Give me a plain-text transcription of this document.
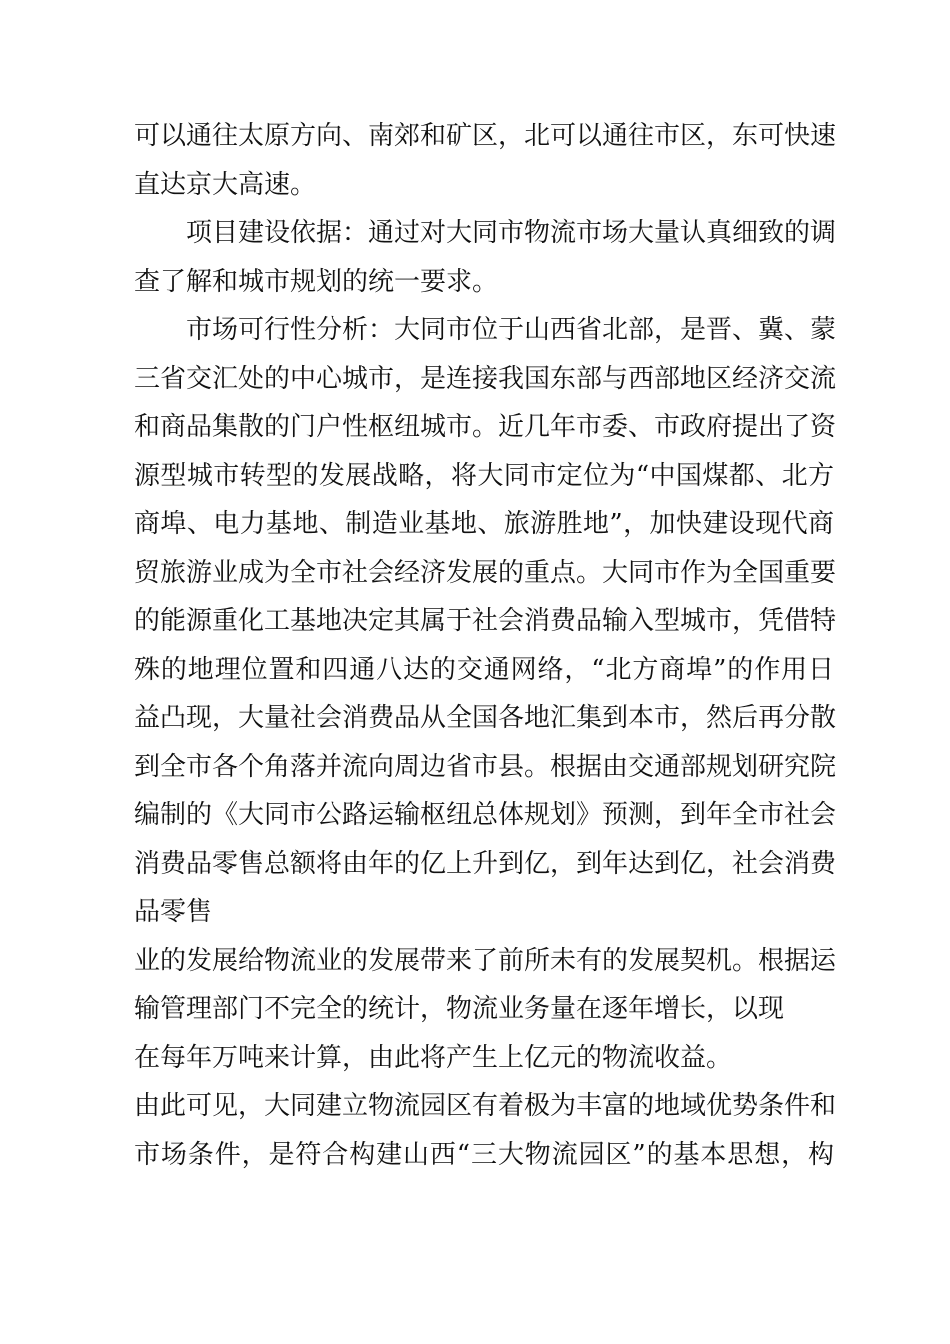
可以通往太原方向、南郊和矿区，北可以通往市区，东可快速
直达京大高速。
项目建设依据：通过对大同市物流市场大量认真细致的调
查了解和城市规划的统一要求。
市场可行性分析：大同市位于山西省北部，是晋、冀、蒙
三省交汇处的中心城市，是连接我国东部与西部地区经济交流
和商品集散的门户性枢纽城市。近几年市委、市政府提出了资
源型城市转型的发展战略，将大同市定位为“中国煤都、北方
商埠、电力基地、制造业基地、旅游胜地”，加快建设现代商
贸旅游业成为全市社会经济发展的重点。大同市作为全国重要
的能源重化工基地决定其属于社会消费品输入型城市，凭借特
殊的地理位置和四通八达的交通网络，“北方商埠”的作用日
益凸现，大量社会消费品从全国各地汇集到本市，然后再分散
到全市各个角落并流向周边省市县。根据由交通部规划研究院
编制的《大同市公路运输枢纽总体规划》预测，到年全市社会
消费品零售总额将由年的亿上升到亿，到年达到亿，社会消费
品零售
业的发展给物流业的发展带来了前所未有的发展契机。根据运
输管理部门不完全的统计，物流业务量在逐年增长，以现
在每年万吨来计算，由此将产生上亿元的物流收益。
由此可见，大同建立物流园区有着极为丰富的地域优势条件和
市场条件，是符合构建山西“三大物流园区”的基本思想，构
